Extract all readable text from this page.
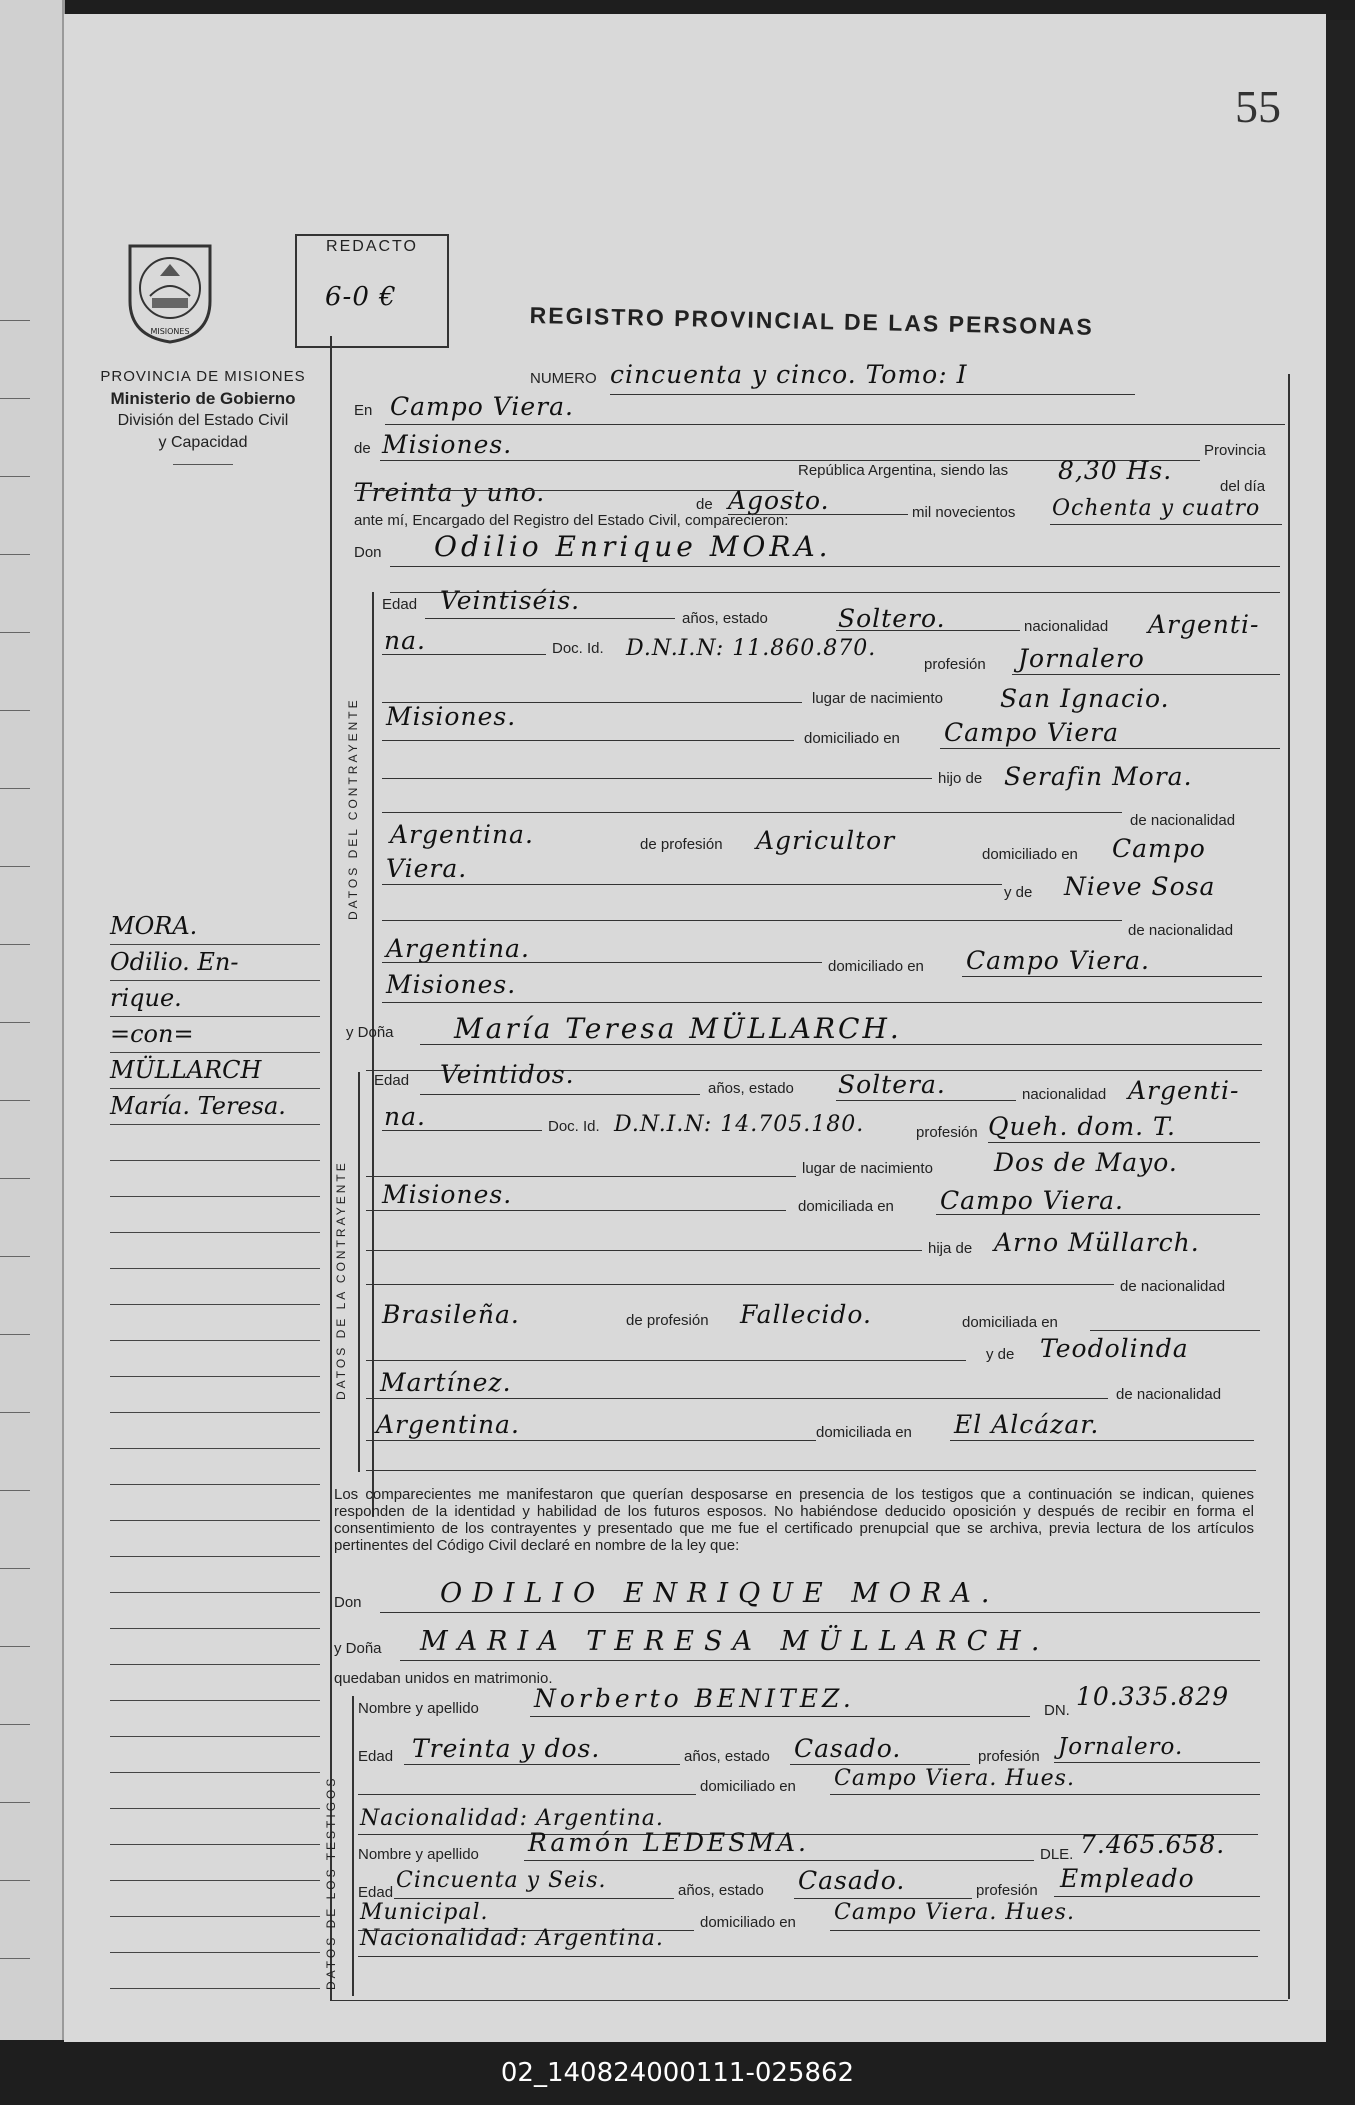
55
MISIONES
PROVINCIA DE MISIONES
Ministerio de Gobierno
División del Estado Civil
y Capacidad
REDACTO
6-0 €
REGISTRO PROVINCIAL DE LAS PERSONAS
NUMERO cincuenta y cinco. Tomo: I
En Campo Viera.
de Misiones.	Provincia
República Argentina, siendo las 8,30 Hs.
del día
Treinta y uno.	de Agosto.	mil novecientos Ochenta y cuatro
ante mí, Encargado del Registro del Estado Civil, comparecieron:
Don Odilio Enrique MORA.
DATOS DEL CONTRAYENTE
Edad Veintiséis.
años, estado	Soltero.	nacionalidad Argenti-
na.	Doc. Id. D.N.I.N: 11.860.870.
profesión Jornalero
lugar de nacimiento San Ignacio.
Misiones.
domiciliado en Campo Viera
hijo de Serafin Mora.
de nacionalidad
Argentina.	de profesión Agricultor	domiciliado en Campo
Viera.
y de Nieve Sosa
de nacionalidad
Argentina.
domiciliado en Campo Viera.
Misiones.
y Doña María Teresa MÜLLARCH.
DATOS DE LA CONTRAYENTE
Edad Veintidos.	años, estado Soltera.	nacionalidad Argenti-
na.	Doc. Id. D.N.I.N: 14.705.180.	profesión Queh. dom. T.
lugar de nacimiento Dos de Mayo.
Misiones.	domiciliada en Campo Viera.
hija de Arno Müllarch.
de nacionalidad
Brasileña.	de profesión Fallecido.	domiciliada en
y de Teodolinda
Martínez.	de nacionalidad
Argentina.	domiciliada en El Alcázar.
Los comparecientes me manifestaron que querían desposarse en presencia de los testigos que a continuación se indican, quienes responden de la identidad y habilidad de los futuros esposos. No habiéndose deducido oposición y después de recibir en forma el consentimiento de los contrayentes y presentado que me fue el certificado prenupcial que se archiva, previa lectura de los artículos pertinentes del Código Civil declaré en nombre de la ley que:
Don	ODILIO ENRIQUE MORA.
y Doña MARIA TERESA MÜLLARCH.
quedaban unidos en matrimonio.
DATOS DE LOS TESTIGOS
Nombre y apellido Norberto BENITEZ.	DN. 10.335.829
Edad Treinta y dos.	años, estado Casado.	profesión Jornalero.
domiciliado en Campo Viera. Hues.
Nacionalidad: Argentina.
Nombre y apellido Ramón LEDESMA.	DLE. 7.465.658.
Edad Cincuenta y Seis.	años, estado Casado.	profesión Empleado
Municipal.	domiciliado en Campo Viera. Hues.
Nacionalidad: Argentina.
MORA.
Odilio. En-
rique.
=con=
MÜLLARCH
María. Teresa.
02_140824000111-025862
